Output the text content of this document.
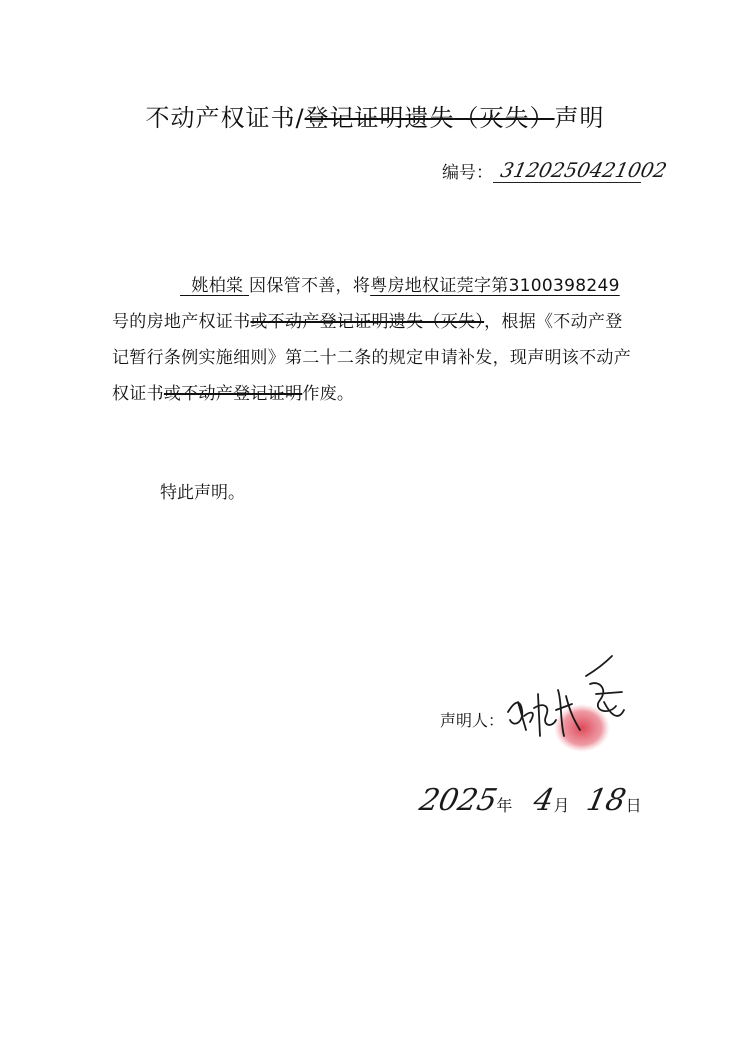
不动产权证书/登记证明遗失（灭失）声明
编号： 3120250421002

姚柏棠 因保管不善，将粤房地权证莞字第3100398249号的房地产权证书或不动产登记证明遗失（灭失），根据《不动产登记暂行条例实施细则》第二十二条的规定申请补发，现声明该不动产权证书或不动产登记证明作废。

特此声明。
声明人：
2025
年 4
月 18
日
